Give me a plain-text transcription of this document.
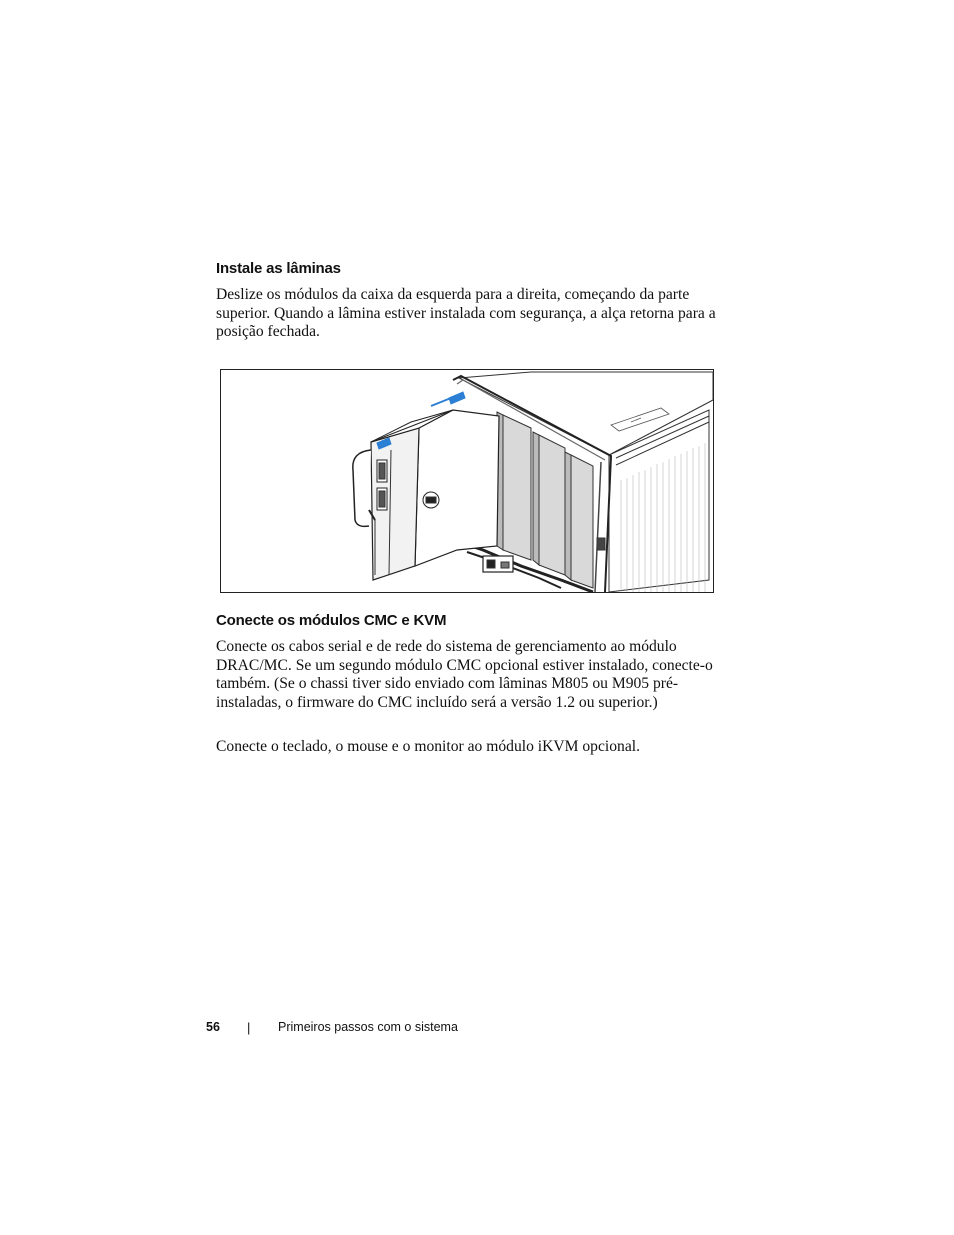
Instale as lâminas

Deslize os módulos da caixa da esquerda para a direita, começando da parte superior. Quando a lâmina estiver instalada com segurança, a alça retorna para a posição fechada.

Conecte os módulos CMC e KVM

Conecte os cabos serial e de rede do sistema de gerenciamento ao módulo DRAC/MC. Se um segundo módulo CMC opcional estiver instalado, conecte-o também. (Se o chassi tiver sido enviado com lâminas M805 ou M905 pré-instaladas, o firmware do CMC incluído será a versão 1.2 ou superior.)

Conecte o teclado, o mouse e o monitor ao módulo iKVM opcional.

56 | Primeiros passos com o sistema
